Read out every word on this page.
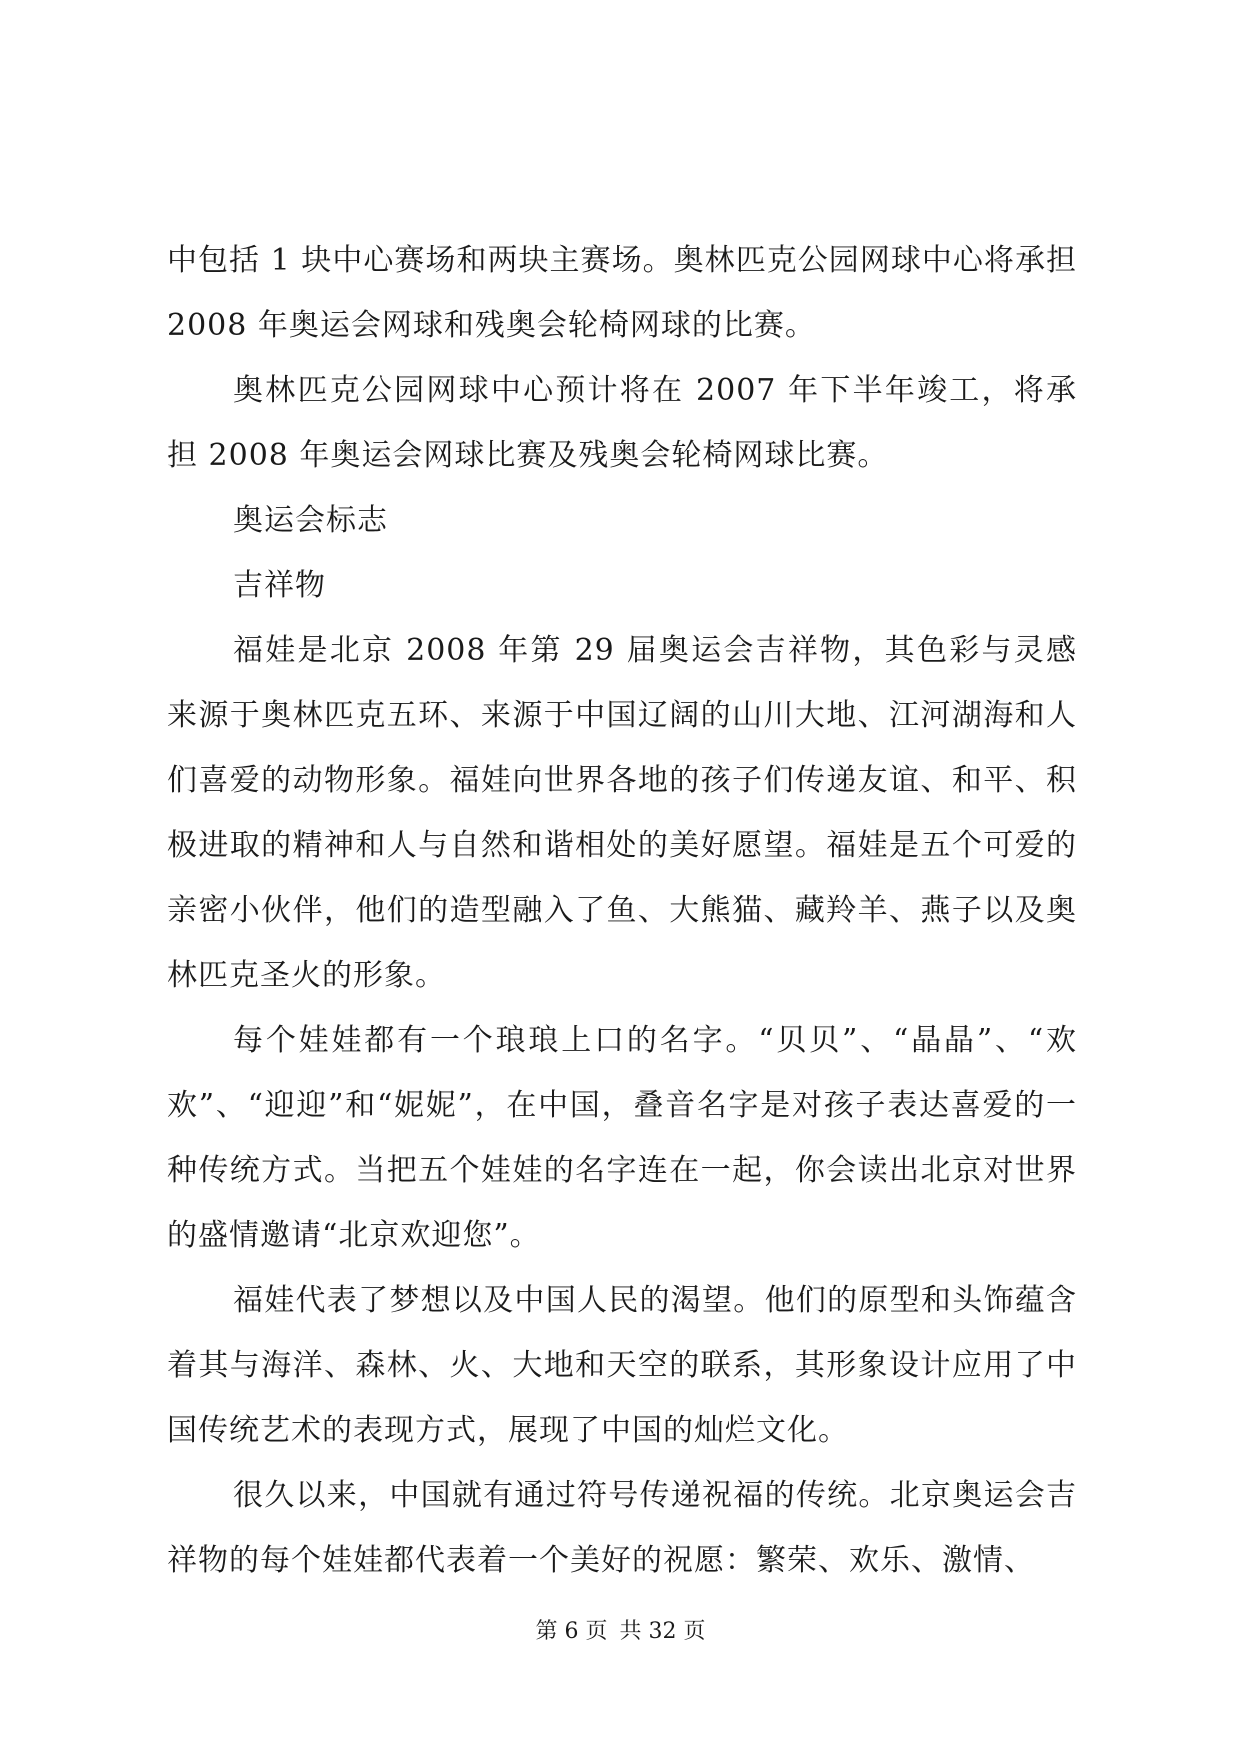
中包括 1 块中心赛场和两块主赛场。奥林匹克公园网球中心将承担 2008 年奥运会网球和残奥会轮椅网球的比赛。

奥林匹克公园网球中心预计将在 2007 年下半年竣工，将承担 2008 年奥运会网球比赛及残奥会轮椅网球比赛。

奥运会标志

吉祥物

福娃是北京 2008 年第 29 届奥运会吉祥物，其色彩与灵感来源于奥林匹克五环、来源于中国辽阔的山川大地、江河湖海和人们喜爱的动物形象。福娃向世界各地的孩子们传递友谊、和平、积极进取的精神和人与自然和谐相处的美好愿望。福娃是五个可爱的亲密小伙伴，他们的造型融入了鱼、大熊猫、藏羚羊、燕子以及奥林匹克圣火的形象。

每个娃娃都有一个琅琅上口的名字。“贝贝”、“晶晶”、“欢欢”、“迎迎”和“妮妮”，在中国，叠音名字是对孩子表达喜爱的一种传统方式。当把五个娃娃的名字连在一起，你会读出北京对世界的盛情邀请“北京欢迎您”。

福娃代表了梦想以及中国人民的渴望。他们的原型和头饰蕴含着其与海洋、森林、火、大地和天空的联系，其形象设计应用了中国传统艺术的表现方式，展现了中国的灿烂文化。

很久以来，中国就有通过符号传递祝福的传统。北京奥运会吉祥物的每个娃娃都代表着一个美好的祝愿：繁荣、欢乐、激情、

第 6 页 共 32 页
